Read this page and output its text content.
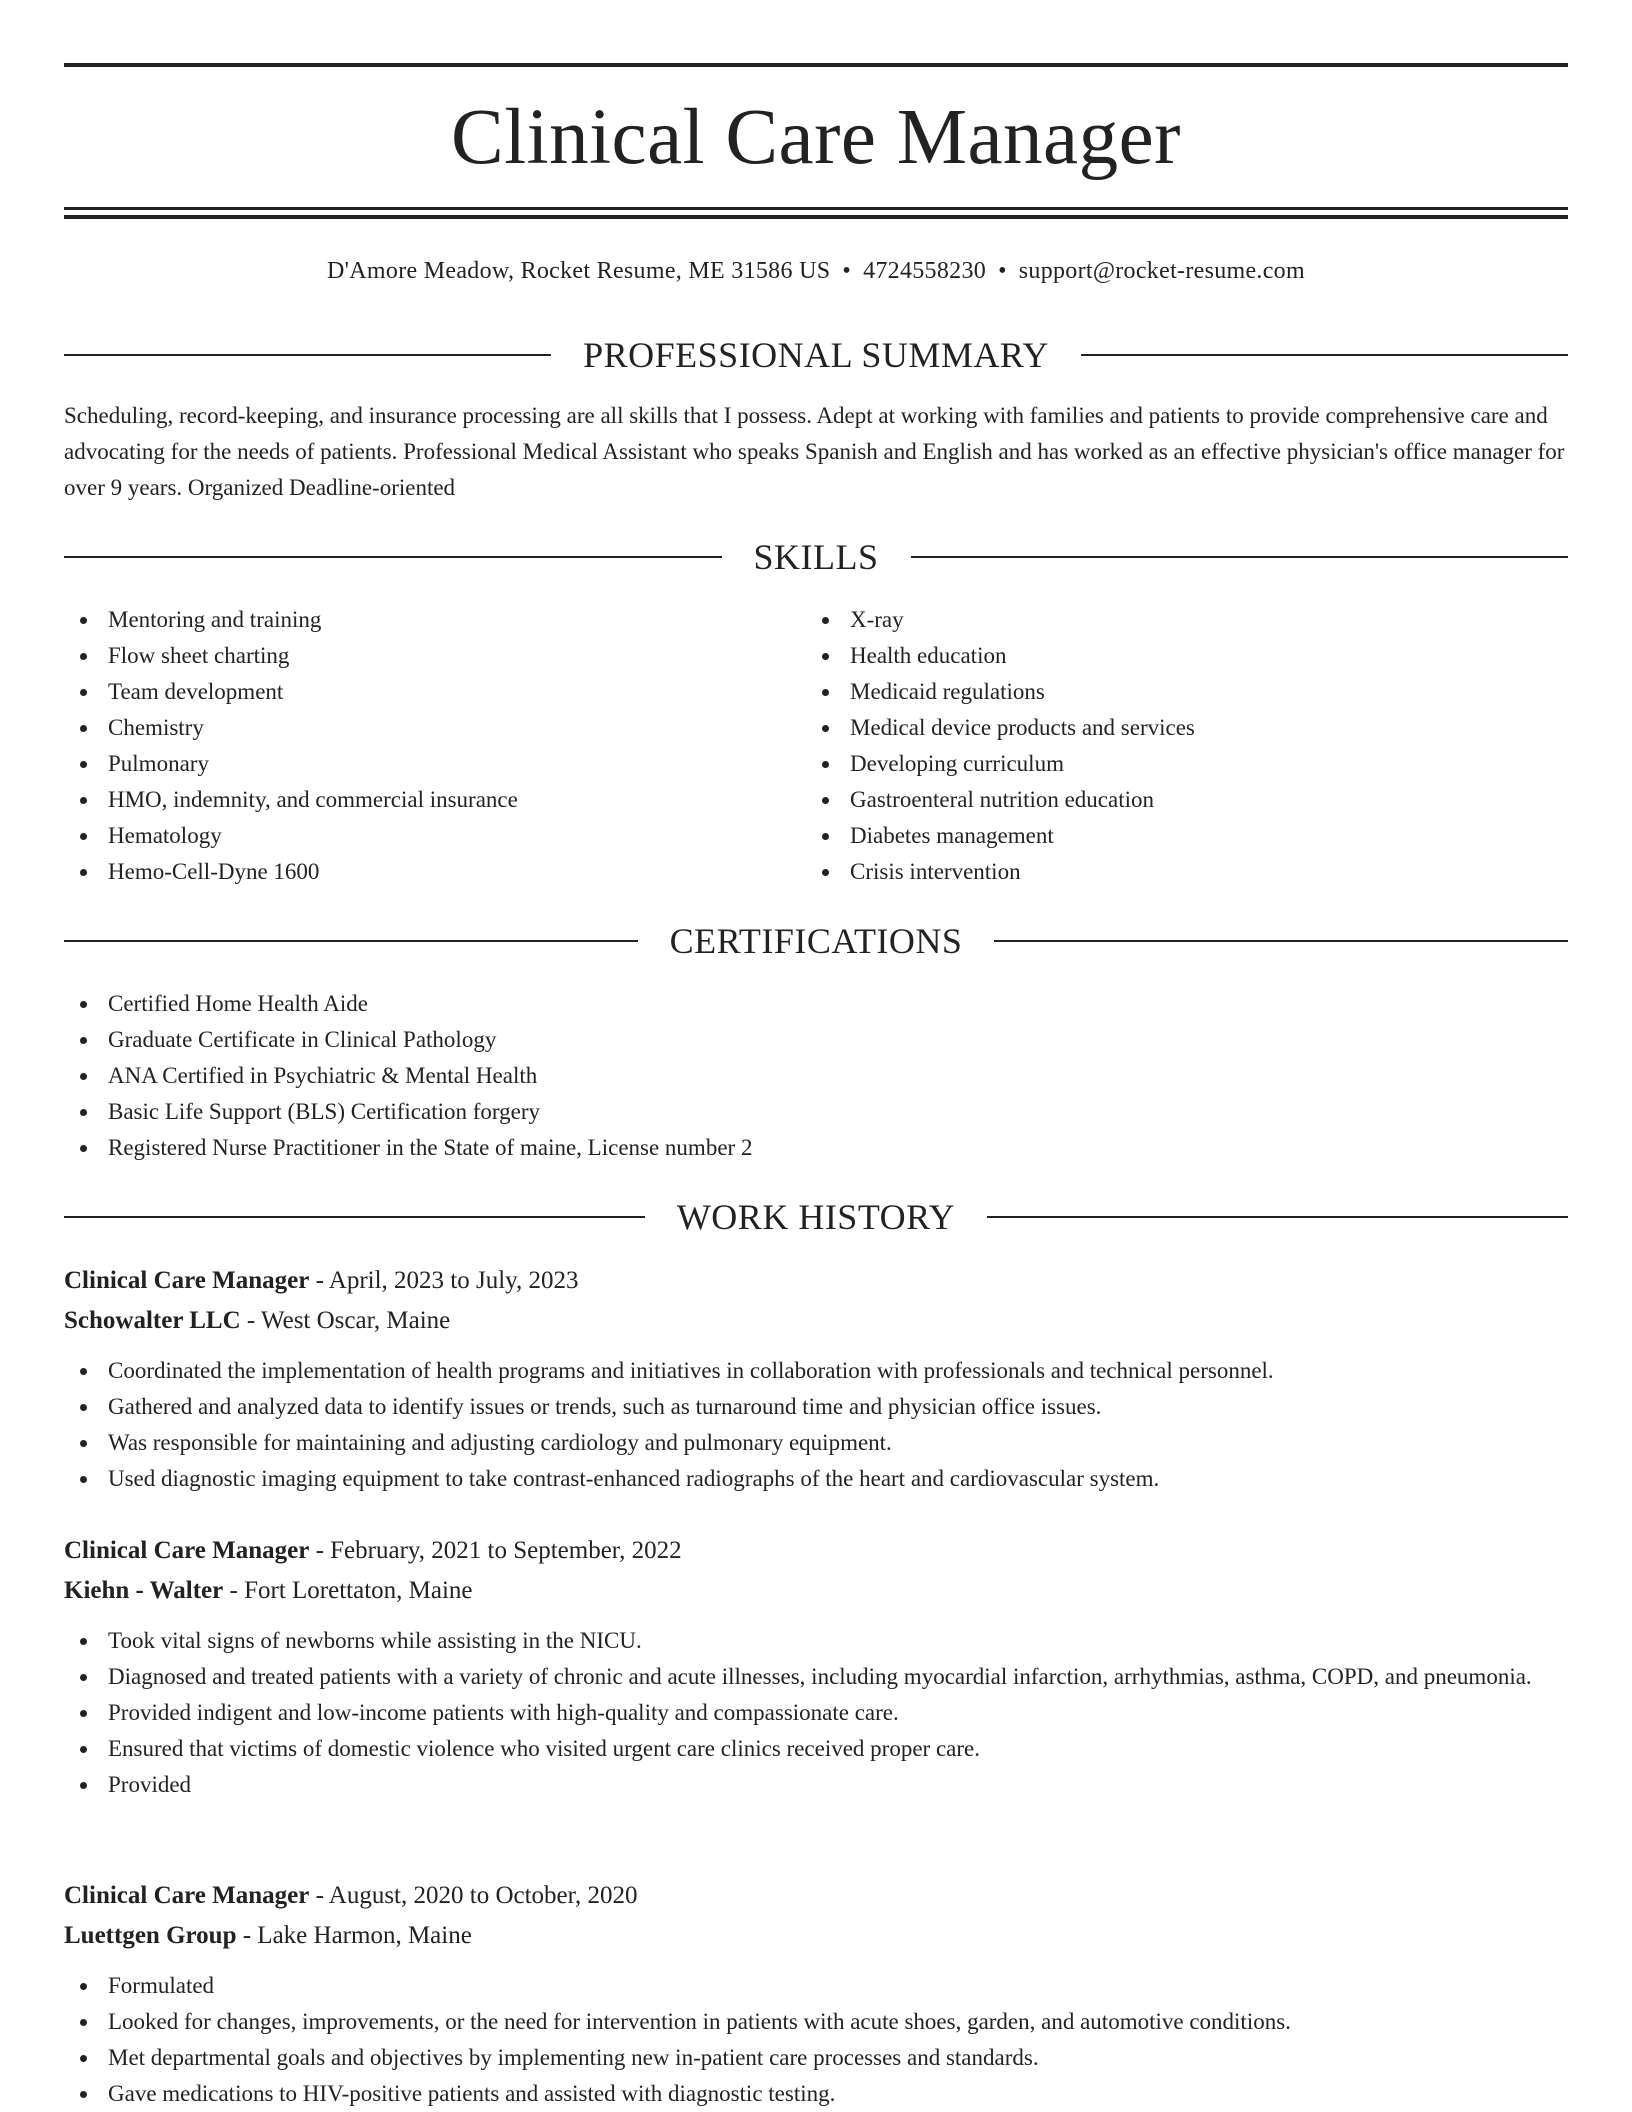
Clinical Care Manager
D'Amore Meadow, Rocket Resume, ME 31586 US • 4724558230 • support@rocket-resume.com
PROFESSIONAL SUMMARY
Scheduling, record-keeping, and insurance processing are all skills that I possess. Adept at working with families and patients to provide comprehensive care and advocating for the needs of patients. Professional Medical Assistant who speaks Spanish and English and has worked as an effective physician's office manager for over 9 years. Organized Deadline-oriented
SKILLS
Mentoring and training
Flow sheet charting
Team development
Chemistry
Pulmonary
HMO, indemnity, and commercial insurance
Hematology
Hemo-Cell-Dyne 1600
X-ray
Health education
Medicaid regulations
Medical device products and services
Developing curriculum
Gastroenteral nutrition education
Diabetes management
Crisis intervention
CERTIFICATIONS
Certified Home Health Aide
Graduate Certificate in Clinical Pathology
ANA Certified in Psychiatric & Mental Health
Basic Life Support (BLS) Certification forgery
Registered Nurse Practitioner in the State of maine, License number 2
WORK HISTORY
Clinical Care Manager - April, 2023 to July, 2023
Schowalter LLC - West Oscar, Maine
Coordinated the implementation of health programs and initiatives in collaboration with professionals and technical personnel.
Gathered and analyzed data to identify issues or trends, such as turnaround time and physician office issues.
Was responsible for maintaining and adjusting cardiology and pulmonary equipment.
Used diagnostic imaging equipment to take contrast-enhanced radiographs of the heart and cardiovascular system.
Clinical Care Manager - February, 2021 to September, 2022
Kiehn - Walter - Fort Lorettaton, Maine
Took vital signs of newborns while assisting in the NICU.
Diagnosed and treated patients with a variety of chronic and acute illnesses, including myocardial infarction, arrhythmias, asthma, COPD, and pneumonia.
Provided indigent and low-income patients with high-quality and compassionate care.
Ensured that victims of domestic violence who visited urgent care clinics received proper care.
Provided
Clinical Care Manager - August, 2020 to October, 2020
Luettgen Group - Lake Harmon, Maine
Formulated
Looked for changes, improvements, or the need for intervention in patients with acute shoes, garden, and automotive conditions.
Met departmental goals and objectives by implementing new in-patient care processes and standards.
Gave medications to HIV-positive patients and assisted with diagnostic testing.
